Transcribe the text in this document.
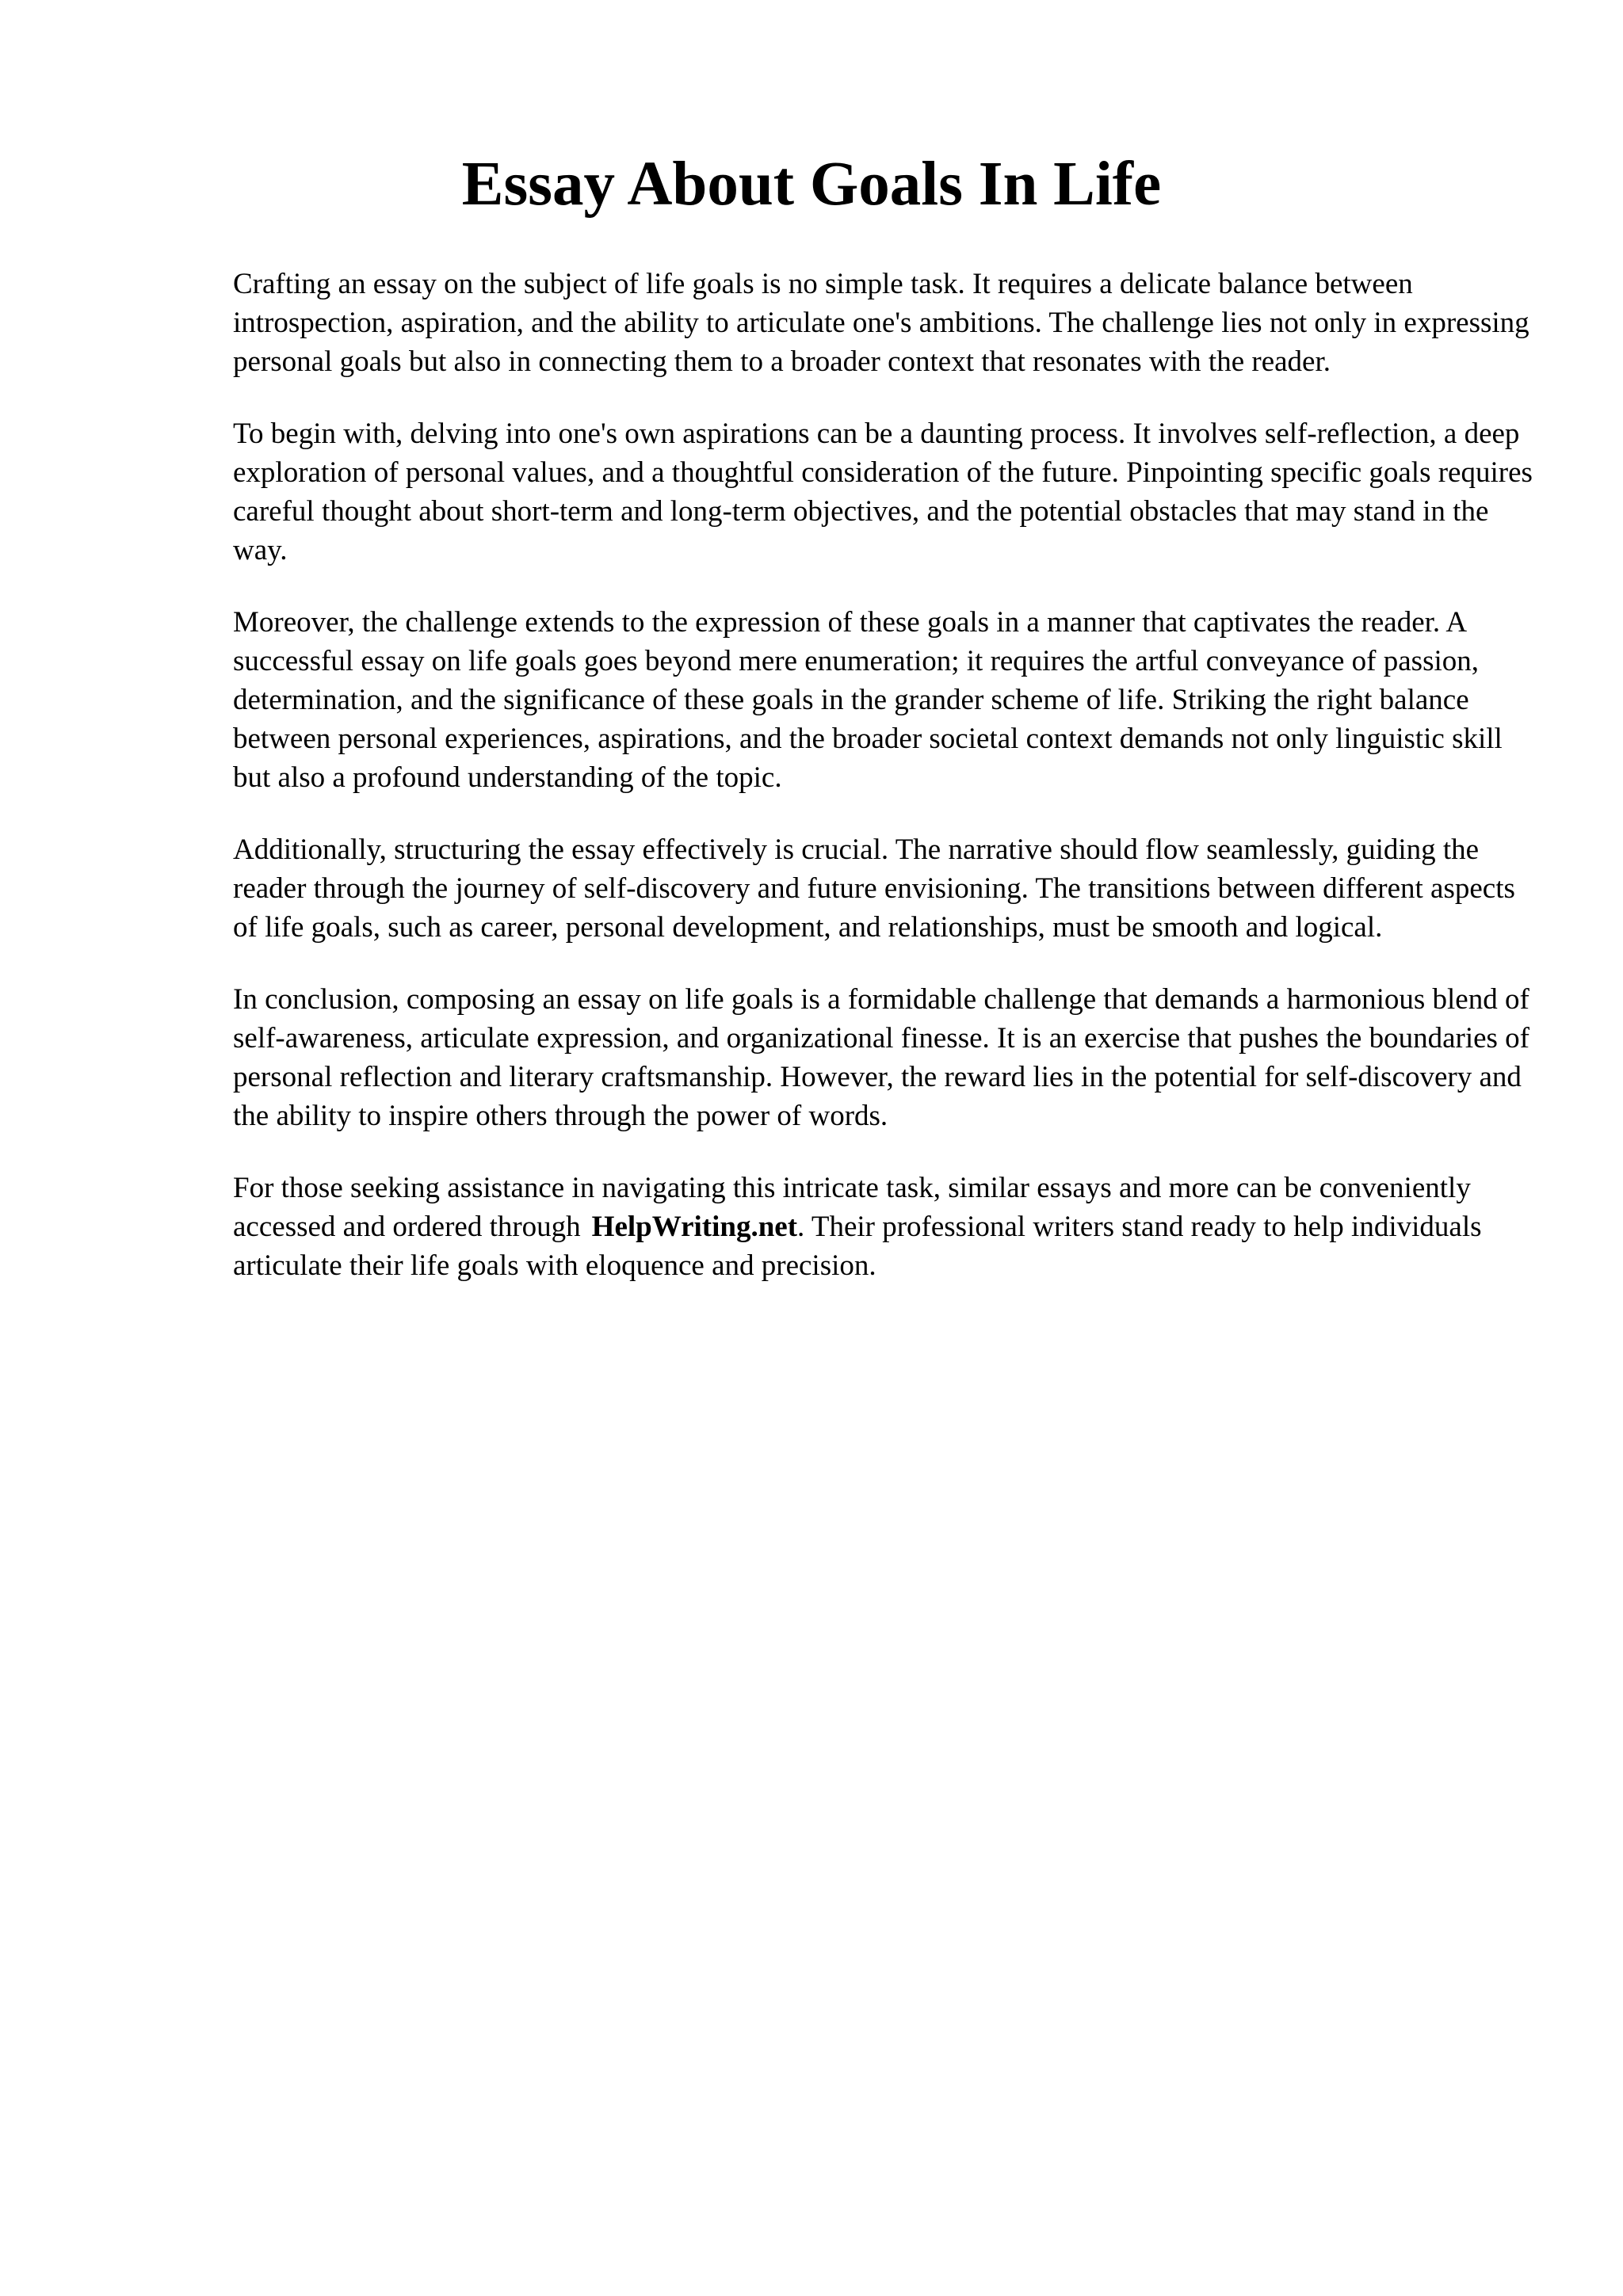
Essay About Goals In Life

Crafting an essay on the subject of life goals is no simple task. It requires a delicate balance between introspection, aspiration, and the ability to articulate one's ambitions. The challenge lies not only in expressing personal goals but also in connecting them to a broader context that resonates with the reader.

To begin with, delving into one's own aspirations can be a daunting process. It involves self-reflection, a deep exploration of personal values, and a thoughtful consideration of the future. Pinpointing specific goals requires careful thought about short-term and long-term objectives, and the potential obstacles that may stand in the way.

Moreover, the challenge extends to the expression of these goals in a manner that captivates the reader. A successful essay on life goals goes beyond mere enumeration; it requires the artful conveyance of passion, determination, and the significance of these goals in the grander scheme of life. Striking the right balance between personal experiences, aspirations, and the broader societal context demands not only linguistic skill but also a profound understanding of the topic.

Additionally, structuring the essay effectively is crucial. The narrative should flow seamlessly, guiding the reader through the journey of self-discovery and future envisioning. The transitions between different aspects of life goals, such as career, personal development, and relationships, must be smooth and logical.

In conclusion, composing an essay on life goals is a formidable challenge that demands a harmonious blend of self-awareness, articulate expression, and organizational finesse. It is an exercise that pushes the boundaries of personal reflection and literary craftsmanship. However, the reward lies in the potential for self-discovery and the ability to inspire others through the power of words.

For those seeking assistance in navigating this intricate task, similar essays and more can be conveniently accessed and ordered through HelpWriting.net. Their professional writers stand ready to help individuals articulate their life goals with eloquence and precision.
